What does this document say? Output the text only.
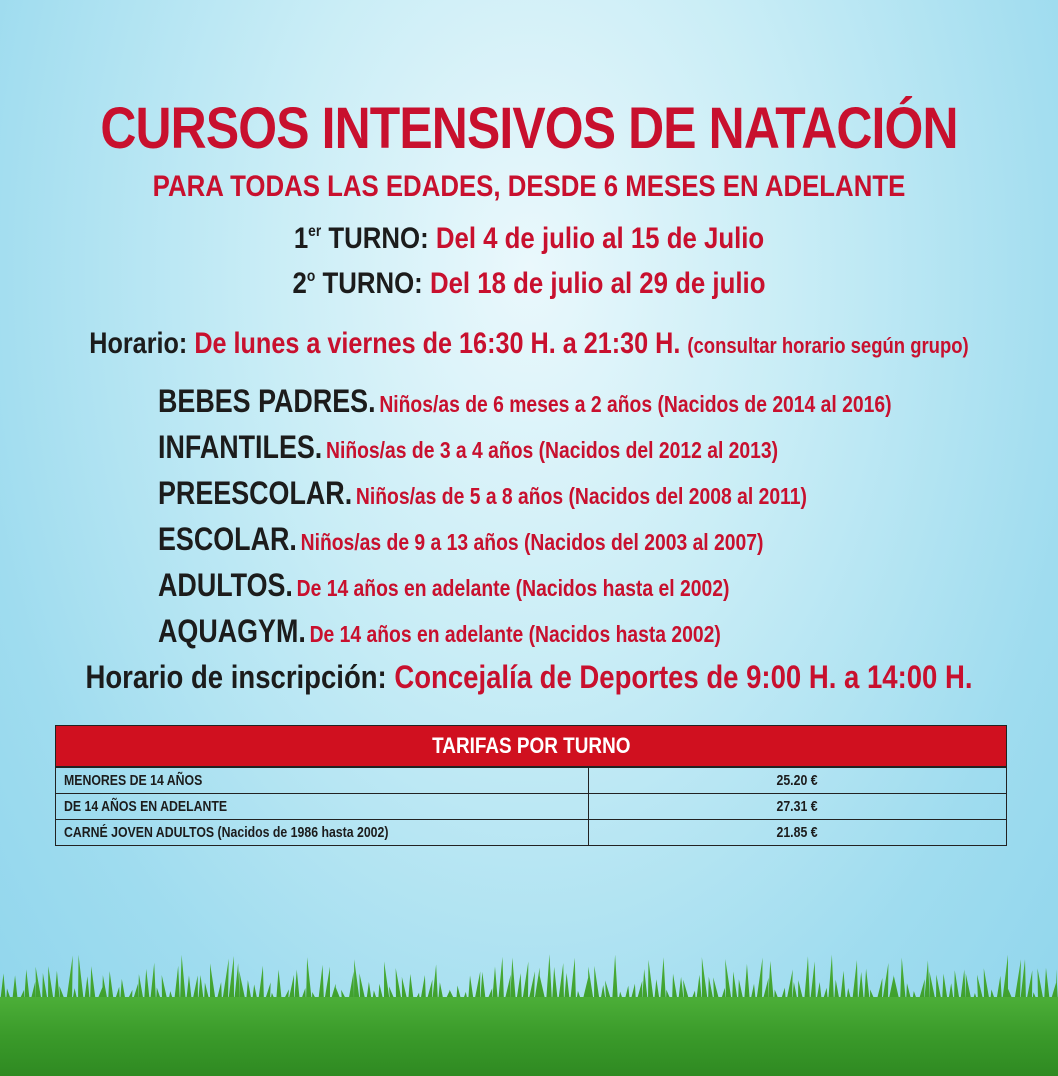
CURSOS INTENSIVOS DE NATACIÓN
PARA TODAS LAS EDADES, DESDE 6 MESES EN ADELANTE
1er TURNO: Del 4 de julio al 15 de Julio
2$^o$ TURNO: Del 18 de julio al 29 de julio
Horario: De lunes a viernes de 16:30 H. a 21:30 H. (consultar horario según grupo)
BEBES PADRES. Niños/as de 6 meses a 2 años (Nacidos de 2014 al 2016)
INFANTILES. Niños/as de 3 a 4 años (Nacidos del 2012 al 2013)
PREESCOLAR. Niños/as de 5 a 8 años (Nacidos del 2008 al 2011)
ESCOLAR. Niños/as de 9 a 13 años (Nacidos del 2003 al 2007)
ADULTOS. De 14 años en adelante (Nacidos hasta el 2002)
AQUAGYM. De 14 años en adelante (Nacidos hasta 2002)
Horario de inscripción: Concejalía de Deportes de 9:00 H. a 14:00 H.
TARIFAS POR TURNO
MENORES DE 14 AÑOS	25.20 €
DE 14 AÑOS EN ADELANTE	27.31 €
CARNÉ JOVEN ADULTOS (Nacidos de 1986 hasta 2002)	21.85 €
